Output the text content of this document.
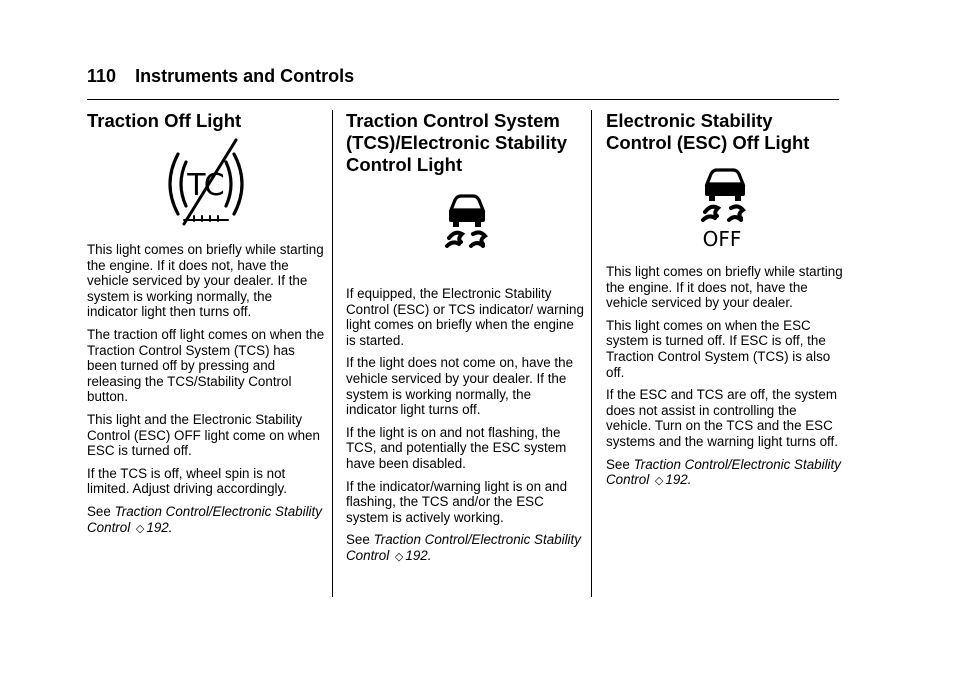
110 Instruments and Controls
Traction Off Light
TC

This light comes on briefly while starting the engine. If it does not, have the vehicle serviced by your dealer. If the system is working normally, the indicator light then turns off.

The traction off light comes on when the Traction Control System (TCS) has been turned off by pressing and releasing the TCS/Stability Control button.

This light and the Electronic Stability Control (ESC) OFF light come on when ESC is turned off.

If the TCS is off, wheel spin is not limited. Adjust driving accordingly.

See Traction Control/Electronic Stability Control ◇ 192.

Traction Control System
(TCS)/Electronic Stability
Control Light

If equipped, the Electronic Stability Control (ESC) or TCS indicator/ warning light comes on briefly when the engine is started.

If the light does not come on, have the vehicle serviced by your dealer. If the system is working normally, the indicator light turns off.

If the light is on and not flashing, the TCS, and potentially the ESC system have been disabled.

If the indicator/warning light is on and flashing, the TCS and/or the ESC system is actively working.

See Traction Control/Electronic Stability Control ◇ 192.

Electronic Stability
Control (ESC) Off Light
OFF

This light comes on briefly while starting the engine. If it does not, have the vehicle serviced by your dealer.

This light comes on when the ESC system is turned off. If ESC is off, the Traction Control System (TCS) is also off.

If the ESC and TCS are off, the system does not assist in controlling the vehicle. Turn on the TCS and the ESC systems and the warning light turns off.

See Traction Control/Electronic Stability Control ◇ 192.
